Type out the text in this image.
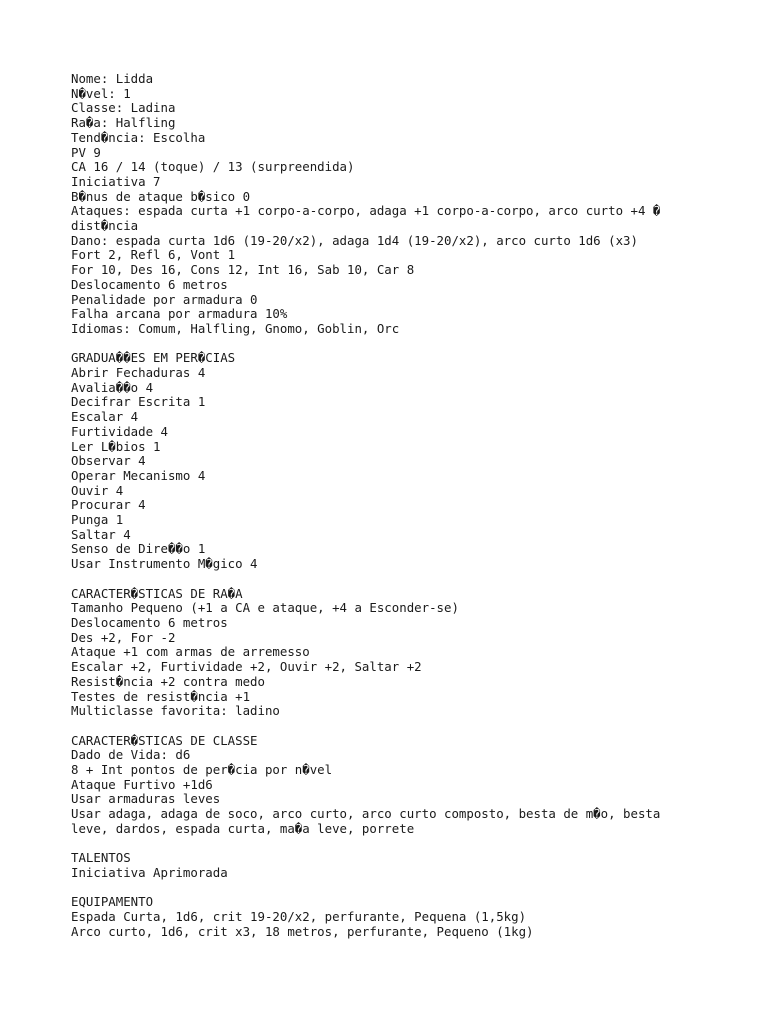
Nome: Lidda
N�vel: 1
Classe: Ladina
Ra�a: Halfling
Tend�ncia: Escolha
PV 9
CA 16 / 14 (toque) / 13 (surpreendida)
Iniciativa 7
B�nus de ataque b�sico 0
Ataques: espada curta +1 corpo-a-corpo, adaga +1 corpo-a-corpo, arco curto +4 �
dist�ncia
Dano: espada curta 1d6 (19-20/x2), adaga 1d4 (19-20/x2), arco curto 1d6 (x3)
Fort 2, Refl 6, Vont 1
For 10, Des 16, Cons 12, Int 16, Sab 10, Car 8
Deslocamento 6 metros
Penalidade por armadura 0
Falha arcana por armadura 10%
Idiomas: Comum, Halfling, Gnomo, Goblin, Orc
GRADUA��ES EM PER�CIAS
Abrir Fechaduras 4
Avalia��o 4
Decifrar Escrita 1
Escalar 4
Furtividade 4
Ler L�bios 1
Observar 4
Operar Mecanismo 4
Ouvir 4
Procurar 4
Punga 1
Saltar 4
Senso de Dire��o 1
Usar Instrumento M�gico 4
CARACTER�STICAS DE RA�A
Tamanho Pequeno (+1 a CA e ataque, +4 a Esconder-se)
Deslocamento 6 metros
Des +2, For -2
Ataque +1 com armas de arremesso
Escalar +2, Furtividade +2, Ouvir +2, Saltar +2
Resist�ncia +2 contra medo
Testes de resist�ncia +1
Multiclasse favorita: ladino
CARACTER�STICAS DE CLASSE
Dado de Vida: d6
8 + Int pontos de per�cia por n�vel
Ataque Furtivo +1d6
Usar armaduras leves
Usar adaga, adaga de soco, arco curto, arco curto composto, besta de m�o, besta
leve, dardos, espada curta, ma�a leve, porrete
TALENTOS
Iniciativa Aprimorada
EQUIPAMENTO
Espada Curta, 1d6, crit 19-20/x2, perfurante, Pequena (1,5kg)
Arco curto, 1d6, crit x3, 18 metros, perfurante, Pequeno (1kg)
